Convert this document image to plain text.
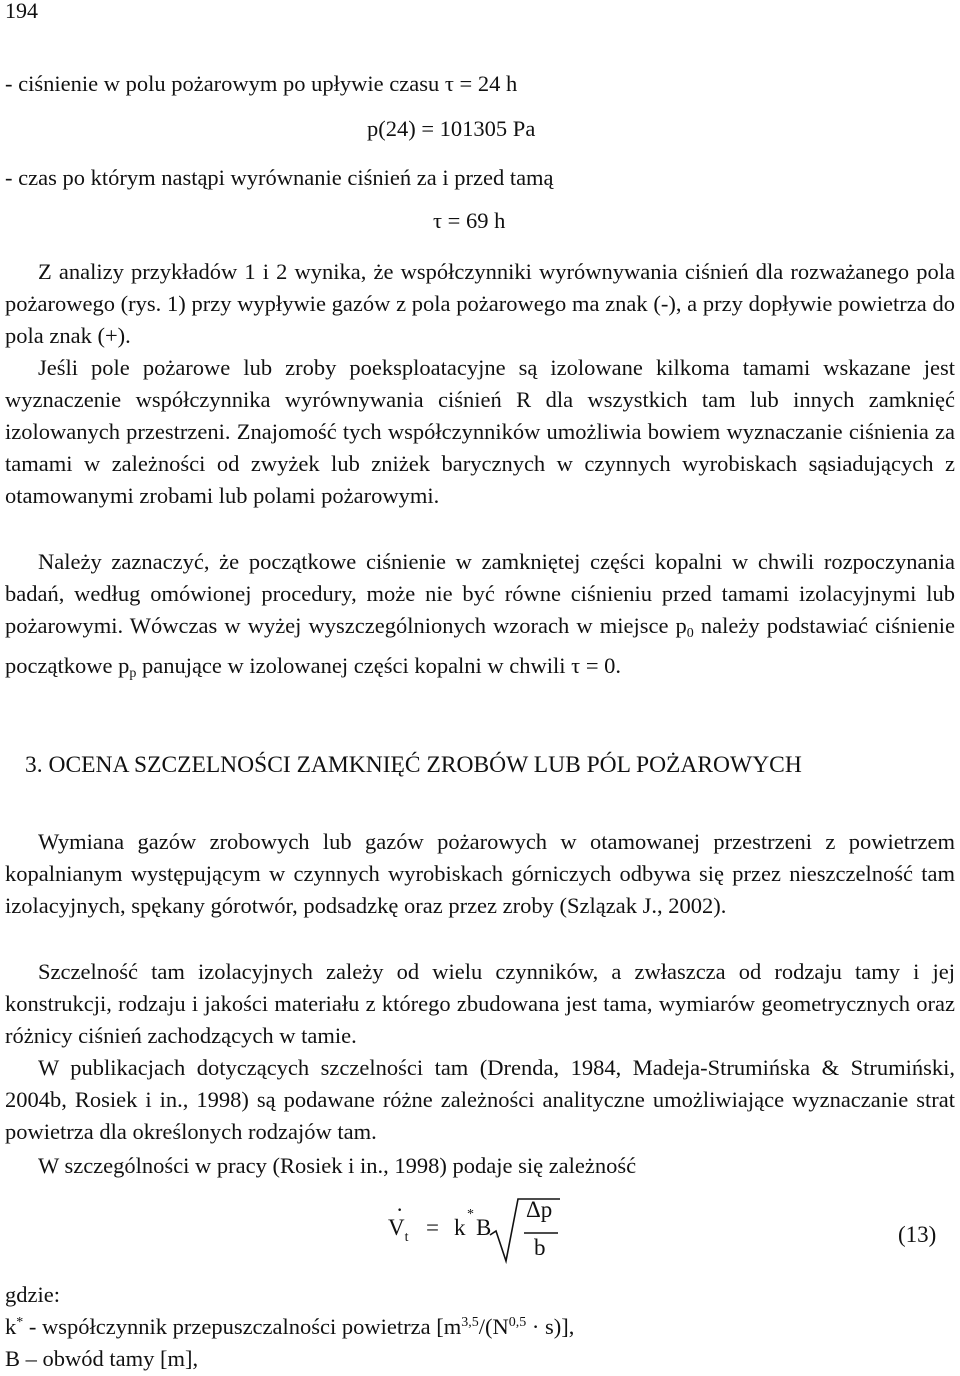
194

- ciśnienie w polu pożarowym po upływie czasu τ = 24 h

p(24) = 101305 Pa

- czas po którym nastąpi wyrównanie ciśnień za i przed tamą

τ = 69 h

Z analizy przykładów 1 i 2 wynika, że współczynniki wyrównywania ciśnień dla rozważanego pola pożarowego (rys. 1) przy wypływie gazów z pola pożarowego ma znak (-), a przy dopływie powietrza do pola znak (+).

Jeśli pole pożarowe lub zroby poeksploatacyjne są izolowane kilkoma tamami wskazane jest wyznaczenie współczynnika wyrównywania ciśnień R dla wszystkich tam lub innych zamknięć izolowanych przestrzeni. Znajomość tych współczynników umożliwia bowiem wyznaczanie ciśnienia za tamami w zależności od zwyżek lub zniżek barycznych w czynnych wyrobiskach sąsiadujących z otamowanymi zrobami lub polami pożarowymi.

Należy zaznaczyć, że początkowe ciśnienie w zamkniętej części kopalni w chwili rozpoczynania badań, według omówionej procedury, może nie być równe ciśnieniu przed tamami izolacyjnymi lub pożarowymi. Wówczas w wyżej wyszczególnionych wzorach w miejsce $p_0$ należy podstawiać ciśnienie początkowe $p_p$ panujące w izolowanej części kopalni w chwili τ = 0.

3. OCENA SZCZELNOŚCI ZAMKNIĘĆ ZROBÓW LUB PÓL POŻAROWYCH

Wymiana gazów zrobowych lub gazów pożarowych w otamowanej przestrzeni z powietrzem kopalnianym występującym w czynnych wyrobiskach górniczych odbywa się przez nieszczelność tam izolacyjnych, spękany górotwór, podsadzkę oraz przez zroby (Szlązak J., 2002).

Szczelność tam izolacyjnych zależy od wielu czynników, a zwłaszcza od rodzaju tamy i jej konstrukcji, rodzaju i jakości materiału z którego zbudowana jest tama, wymiarów geometrycznych oraz różnicy ciśnień zachodzących w tamie.

W publikacjach dotyczących szczelności tam (Drenda, 1984, Madeja-Strumińska & Strumiński, 2004b, Rosiek i in., 1998) są podawane różne zależności analityczne umożliwiające wyznaczanie strat powietrza dla określonych rodzajów tam.

W szczególności w pracy (Rosiek i in., 1998) podaje się zależność

·
$V_t = k$
*
B
Δp
b
(13)
gdzie:
k* - współczynnik przepuszczalności powietrza $[m^{3,5}/(N^{0,5} \cdot s)]$,
B – obwód tamy [m],
